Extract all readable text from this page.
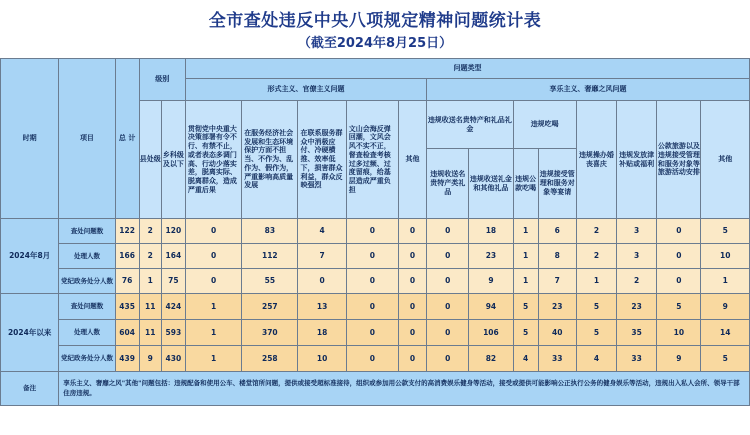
全市查处违反中央八项规定精神问题统计表
（截至2024年8月25日）
时期	项目	总 计	级别		问题类型												
					形式主义、官僚主义问题					享乐主义、奢靡之风问题							
			县处级	乡科级及以下	贯彻党中央重大决策部署有令不行、有禁不止，或者表态多调门高、行动少落实差，脱离实际、脱离群众，造成严重后果	在服务经济社会发展和生态环境保护方面不担当、不作为、乱作为、假作为，严重影响高质量发展	在联系服务群众中消极应付、冷硬横推、效率低下，损害群众利益，群众反映强烈	文山会海反弹回潮，文风会风不实不正，督查检查考核过多过频、过度留痕，给基层造成严重负担	其他	违规收送名贵特产和礼品礼金		违规吃喝		违规操办婚丧喜庆	违规发放津补贴或福利	公款旅游以及违规接受管理和服务对象等旅游活动安排	其他
										违规收送名贵特产类礼品	违规收送礼金和其他礼品	违规公款吃喝	违规接受管理和服务对象等宴请				
2024年8月	查处问题数	122	2	120	0	83	4	0	0	0	18	1	6	2	3	0	5
	处理人数	166	2	164	0	112	7	0	0	0	23	1	8	2	3	0	10
	党纪政务处分人数	76	1	75	0	55	0	0	0	0	9	1	7	1	2	0	1
2024年以来	查处问题数	435	11	424	1	257	13	0	0	0	94	5	23	5	23	5	9
	处理人数	604	11	593	1	370	18	0	0	0	106	5	40	5	35	10	14
	党纪政务处分人数	439	9	430	1	258	10	0	0	0	82	4	33	4	33	9	5
备注	享乐主义、奢靡之风"其他"问题包括：违规配备和使用公车、楼堂馆所问题，提供或接受超标准接待，组织或参加用公款支付的高消费娱乐健身等活动，接受或提供可能影响公正执行公务的健身娱乐等活动，违规出入私人会所、领导干部住房违规。																
